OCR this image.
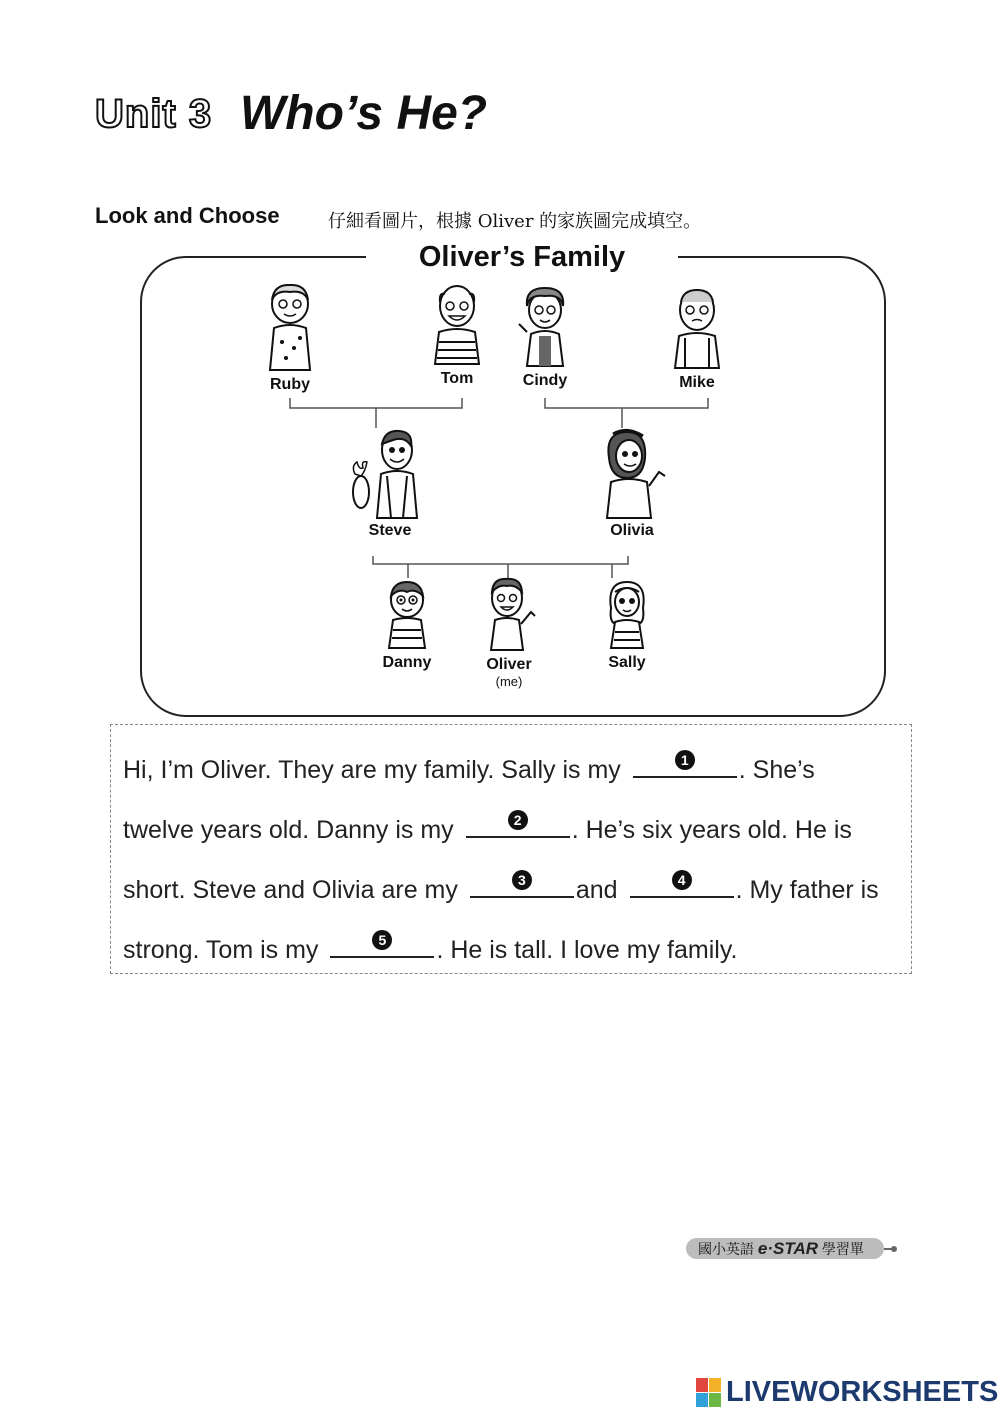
Unit 3 Who’s He?
Look and Choose	仔細看圖片，根據 Oliver 的家族圖完成填空。
Oliver’s Family
Ruby	Tom	Cindy	Mike
Steve	Olivia
Danny	Oliver
(me)
Sally
Hi, I’m Oliver. They are my family. Sally is my	1 . She’s
twelve years old. Danny is my	2 . He’s six years old. He is
short. Steve and Olivia are my	3 and	4 . My father is
strong. Tom is my	5 . He is tall. I love my family.
國小英語 e·STAR 學習單
LIVEWORKSHEETS
